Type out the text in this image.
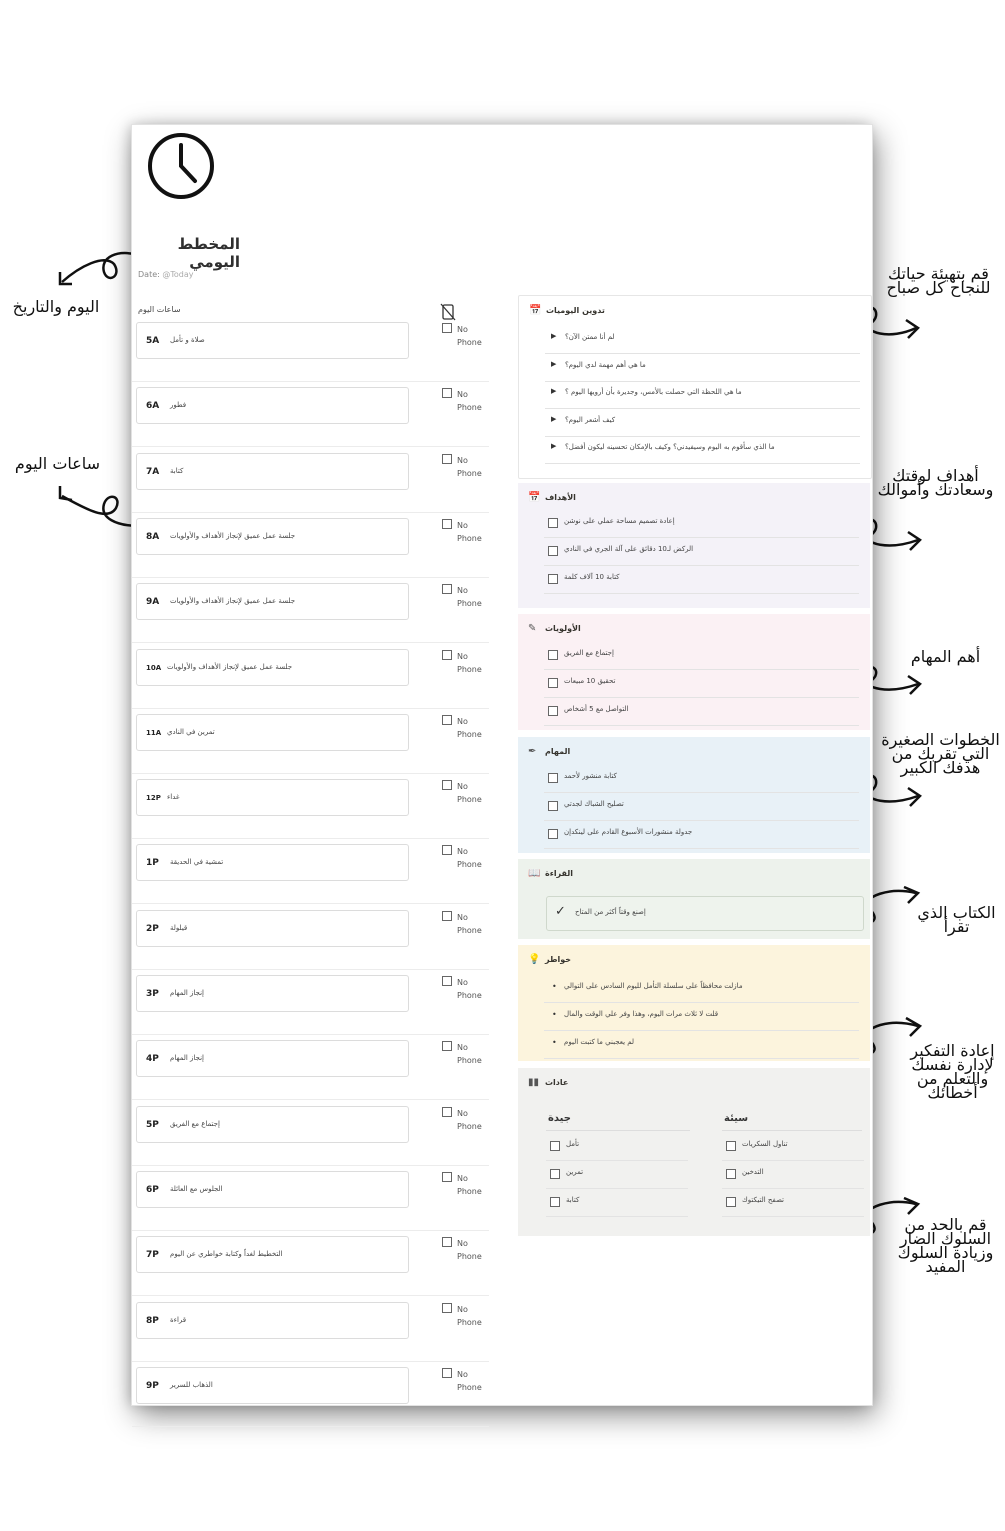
اليوم والتاريخ
ساعات اليوم
قم بتهيئة حياتك
للنجاح كل صباح
أهداف لوقتك
وسعادتك وأموالك
أهم المهام
الخطوات الصغيرة
التي تقربك من
هدفك الكبير
الكتاب الذي
تقرأ
إعادة التفكير
لإدارة نفسك
والتعلم من
أخطائك
قم بالحد من
السلوك الضار
وزيادة السلوك
المفيد
المخطط اليومي
Date: @Today
ساعات اليوم
5A صلاة و تأمل
No
Phone
6A فطور
No
Phone
7A كتابة
No
Phone
8A جلسة عمل عميق لإنجاز الأهداف والأولويات
No
Phone
9A جلسة عمل عميق لإنجاز الأهداف والأولويات
No
Phone
10A جلسة عمل عميق لإنجاز الأهداف والأولويات
No
Phone
11A تمرين في النادي
No
Phone
12P غداء
No
Phone
1P تمشية في الحديقة
No
Phone
2P قيلولة
No
Phone
3P إنجاز المهام
No
Phone
4P إنجاز المهام
No
Phone
5P إجتماع مع الفريق
No
Phone
6P الجلوس مع العائلة
No
Phone
7P التخطيط لغداً وكتابة خواطري عن اليوم
No
Phone
8P قراءة
No
Phone
9P الذهاب للسرير
No
Phone
📅 تدوين اليوميات
▶ لم أنا ممتن الآن؟
▶ ما هي أهم مهمة لدي اليوم؟
▶ ما هي اللحظة التي حصلت بالأمس، وجديرة بأن أرويها اليوم ؟
▶ كيف أشعر اليوم؟
▶ ما الذي سأقوم به اليوم وسيفيدني؟ وكيف بالإمكان تحسينه ليكون أفضل؟
📅 الأهداف
إعادة تصميم مساحة عملي على نوشن
الركض لـ10 دقائق على آلة الجري في النادي
كتابة 10 آلاف كلمة
✎ الأولويات
إجتماع مع الفريق
تحقيق 10 مبيعات
التواصل مع 5 أشخاص
✒ المهام
كتابة منشور لأحمد
تصليح الشباك لجدتي
جدولة منشورات الأسبوع القادم على لينكدإن
📖 القراءة
✓ إصنع وقتاً أكثر من المتاح
💡 خواطر
• مازلت محافظاً على سلسلة التأمل لليوم السادس على التوالي
• قلت لا ثلاث مرات اليوم، وهذا وفر علي الوقت والمال
• لم يعجبني ما كتبت اليوم
▮▮ عادات
جيدة	سيئة
تأمل
تمرين
كتابة
تناول السكريات
التدخين
تصفح التيكتوك
